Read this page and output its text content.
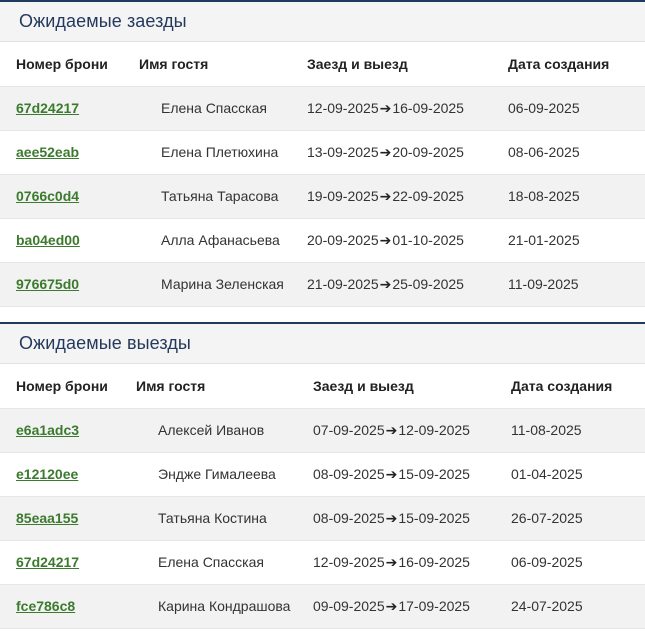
Ожидаемые заезды
Номер брони	Имя гостя	Заезд и выезд	Дата создания
67d24217	Елена Спасская	12-09-2025➔16-09-2025	06-09-2025
aee52eab	Елена Плетюхина	13-09-2025➔20-09-2025	08-06-2025
0766c0d4	Татьяна Тарасова	19-09-2025➔22-09-2025	18-08-2025
ba04ed00	Алла Афанасьева	20-09-2025➔01-10-2025	21-01-2025
976675d0	Марина Зеленская	21-09-2025➔25-09-2025	11-09-2025
Ожидаемые выезды
Номер брони	Имя гостя	Заезд и выезд	Дата создания
e6a1adc3	Алексей Иванов	07-09-2025➔12-09-2025	11-08-2025
e12120ee	Эндже Гималеева	08-09-2025➔15-09-2025	01-04-2025
85eaa155	Татьяна Костина	08-09-2025➔15-09-2025	26-07-2025
67d24217	Елена Спасская	12-09-2025➔16-09-2025	06-09-2025
fce786c8	Карина Кондрашова	09-09-2025➔17-09-2025	24-07-2025
